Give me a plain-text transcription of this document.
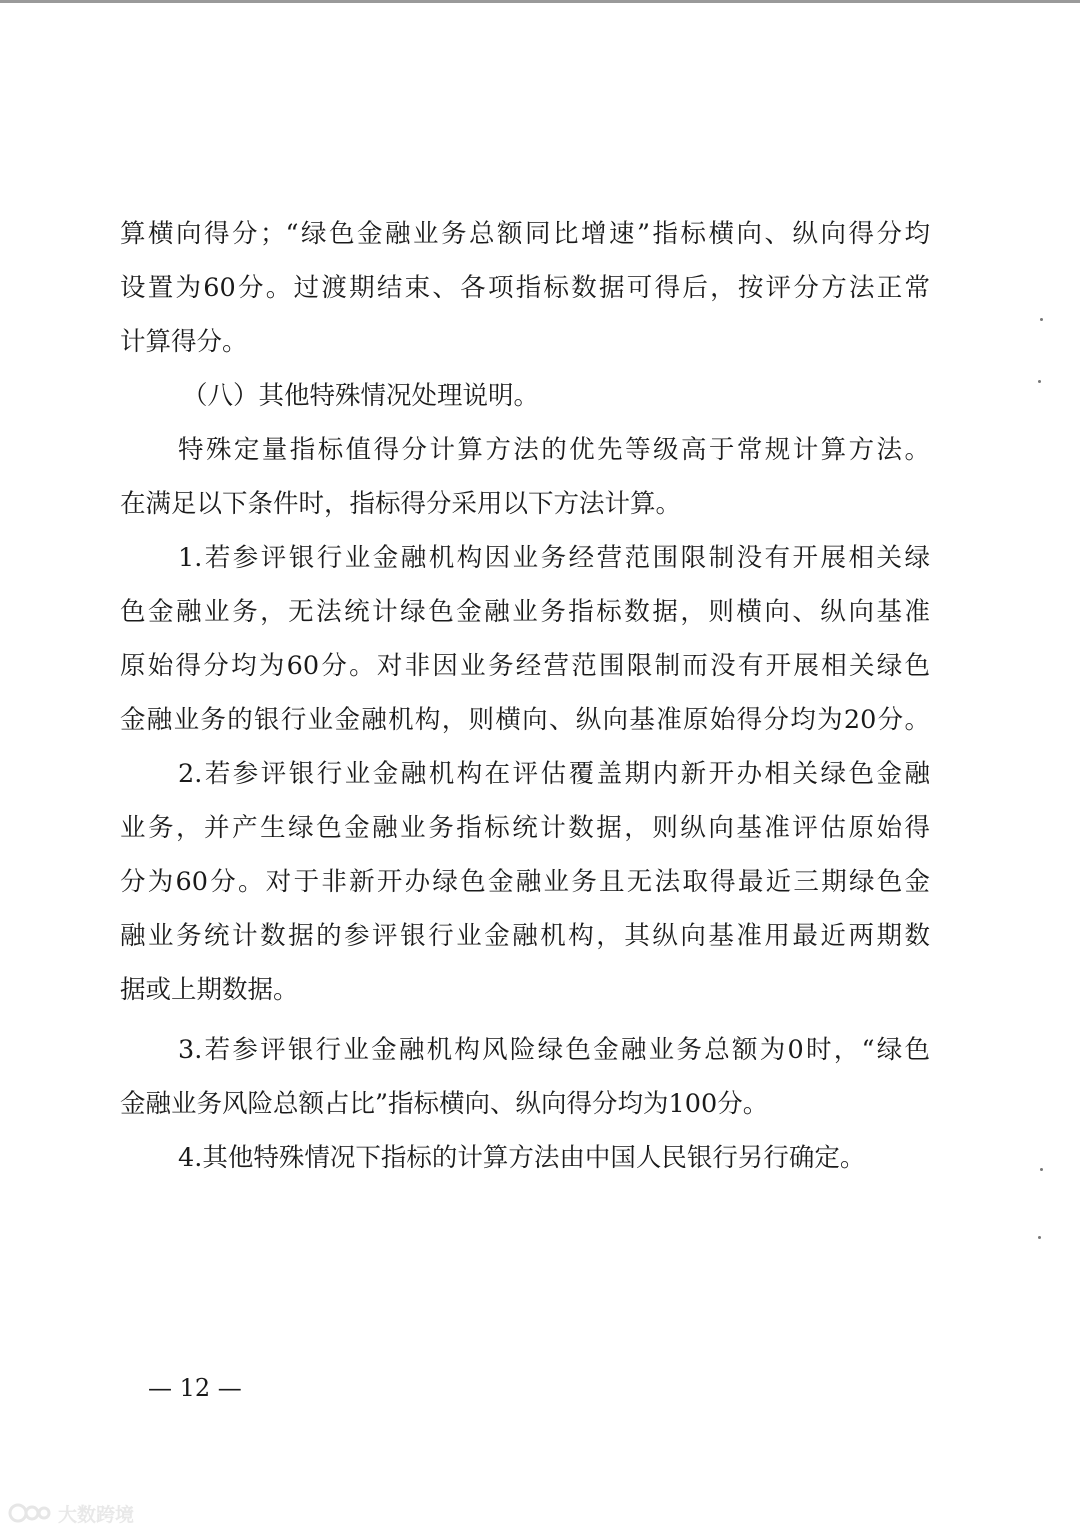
算横向得分；“绿色金融业务总额同比增速”指标横向、纵向得分均
设置为60分。过渡期结束、各项指标数据可得后，按评分方法正常
计算得分。
（八）其他特殊情况处理说明。
特殊定量指标值得分计算方法的优先等级高于常规计算方法。
在满足以下条件时，指标得分采用以下方法计算。
1.若参评银行业金融机构因业务经营范围限制没有开展相关绿
色金融业务，无法统计绿色金融业务指标数据，则横向、纵向基准
原始得分均为60分。对非因业务经营范围限制而没有开展相关绿色
金融业务的银行业金融机构，则横向、纵向基准原始得分均为20分。
2.若参评银行业金融机构在评估覆盖期内新开办相关绿色金融
业务，并产生绿色金融业务指标统计数据，则纵向基准评估原始得
分为60分。对于非新开办绿色金融业务且无法取得最近三期绿色金
融业务统计数据的参评银行业金融机构，其纵向基准用最近两期数
据或上期数据。
3.若参评银行业金融机构风险绿色金融业务总额为0时，“绿色
金融业务风险总额占比”指标横向、纵向得分均为100分。
4.其他特殊情况下指标的计算方法由中国人民银行另行确定。
— 12 —
大数跨境
